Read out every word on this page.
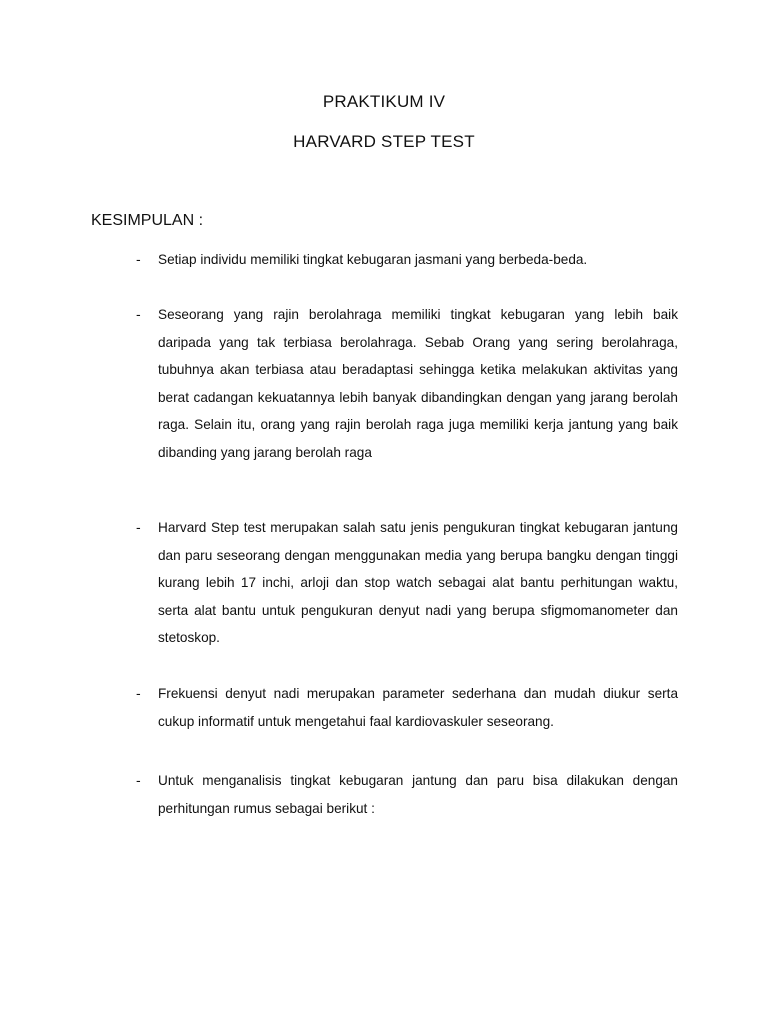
PRAKTIKUM IV
HARVARD STEP TEST
KESIMPULAN :
- Setiap individu memiliki tingkat kebugaran jasmani yang berbeda-beda.
- Seseorang yang rajin berolahraga memiliki tingkat kebugaran yang lebih baik daripada yang tak terbiasa berolahraga. Sebab Orang yang sering berolahraga, tubuhnya akan terbiasa atau beradaptasi sehingga ketika melakukan aktivitas yang berat cadangan kekuatannya lebih banyak dibandingkan dengan yang jarang berolah raga. Selain itu, orang yang rajin berolah raga juga memiliki kerja jantung yang baik dibanding yang jarang berolah raga
- Harvard Step test merupakan salah satu jenis pengukuran tingkat kebugaran jantung dan paru seseorang dengan menggunakan media yang berupa bangku dengan tinggi kurang lebih 17 inchi, arloji dan stop watch sebagai alat bantu perhitungan waktu, serta alat bantu untuk pengukuran denyut nadi yang berupa sfigmomanometer dan stetoskop.
- Frekuensi denyut nadi merupakan parameter sederhana dan mudah diukur serta cukup informatif untuk mengetahui faal kardiovaskuler seseorang.
- Untuk menganalisis tingkat kebugaran jantung dan paru bisa dilakukan dengan perhitungan rumus sebagai berikut :
